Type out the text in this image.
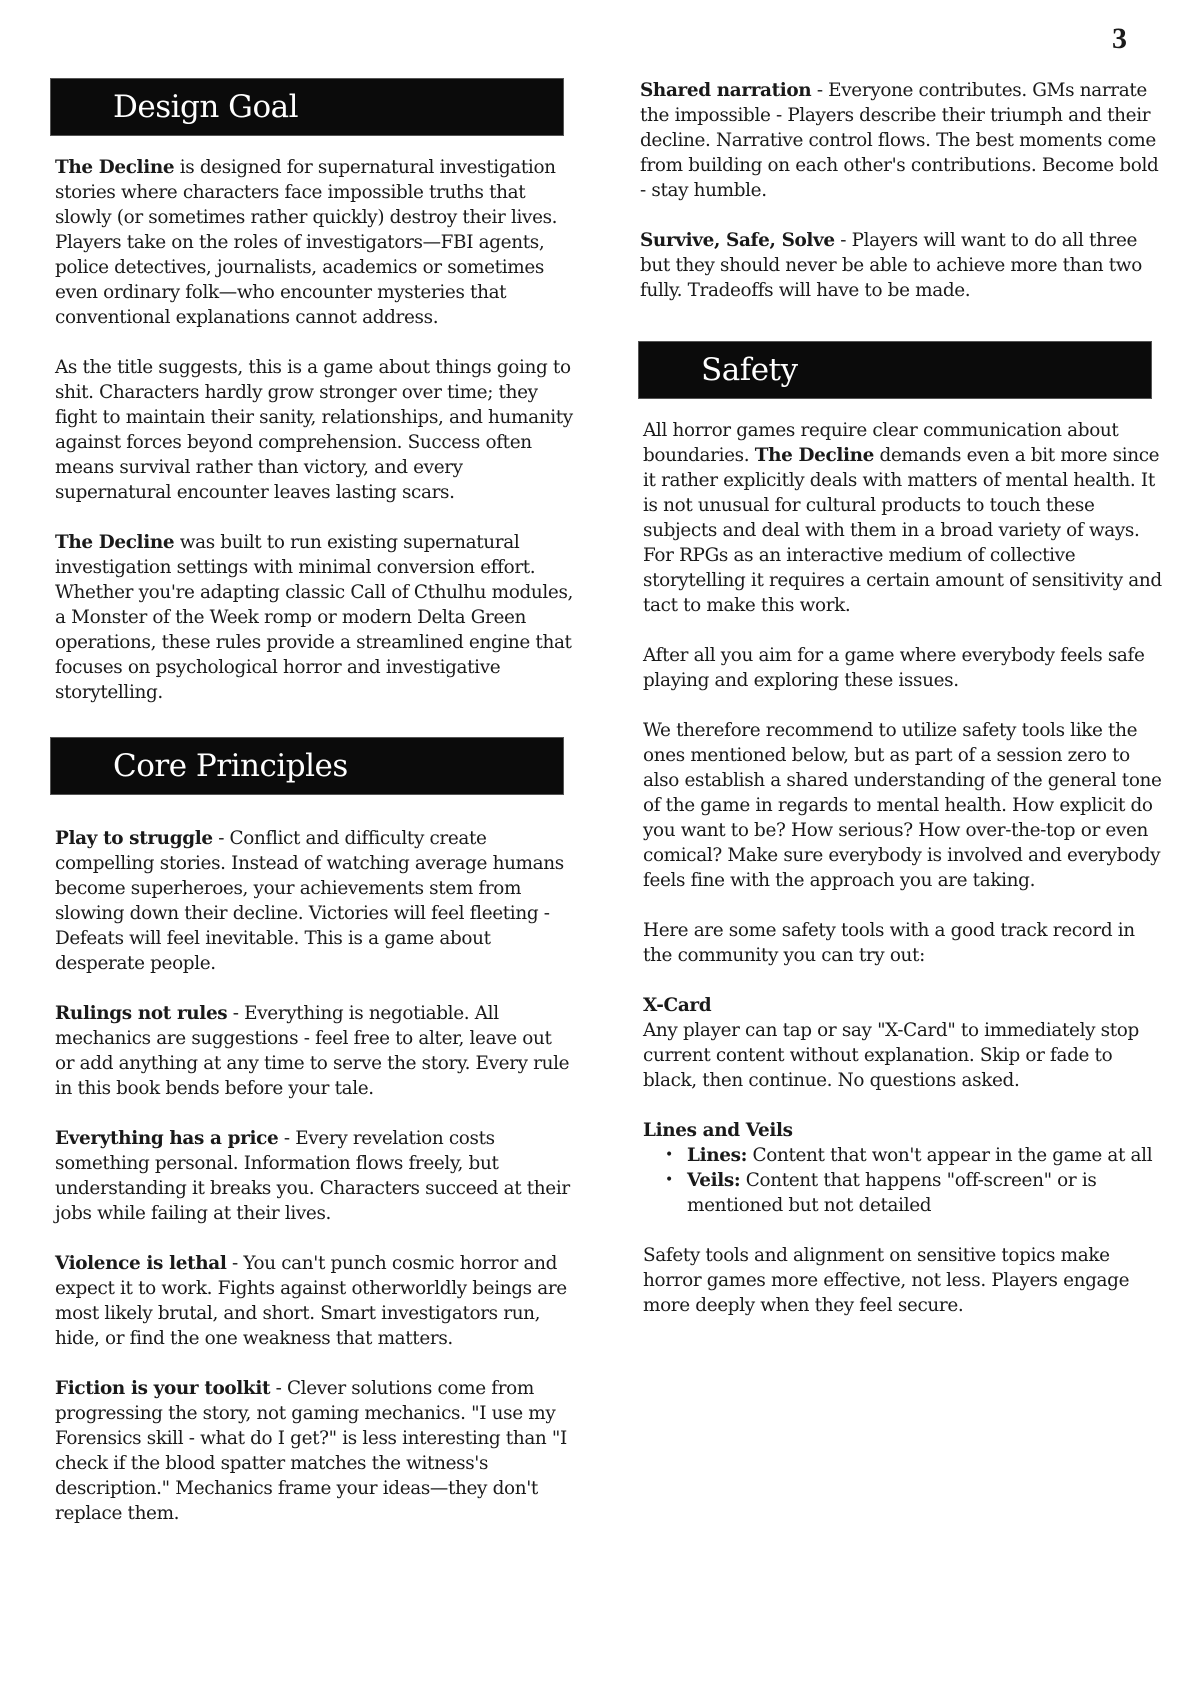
3
Design Goal

The Decline is designed for supernatural investigation stories where characters face impossible truths that slowly (or sometimes rather quickly) destroy their lives. Players take on the roles of investigators—FBI agents, police detectives, journalists, academics or sometimes even ordinary folk—who encounter mysteries that conventional explanations cannot address.

As the title suggests, this is a game about things going to shit. Characters hardly grow stronger over time; they fight to maintain their sanity, relationships, and humanity against forces beyond comprehension. Success often means survival rather than victory, and every supernatural encounter leaves lasting scars.

The Decline was built to run existing supernatural investigation settings with minimal conversion effort. Whether you're adapting classic Call of Cthulhu modules, a Monster of the Week romp or modern Delta Green operations, these rules provide a streamlined engine that focuses on psychological horror and investigative storytelling.

Core Principles

Play to struggle - Conflict and difficulty create compelling stories. Instead of watching average humans become superheroes, your achievements stem from slowing down their decline. Victories will feel fleeting - Defeats will feel inevitable. This is a game about desperate people.

Rulings not rules - Everything is negotiable. All mechanics are suggestions - feel free to alter, leave out or add anything at any time to serve the story. Every rule in this book bends before your tale.

Everything has a price - Every revelation costs something personal. Information flows freely, but understanding it breaks you. Characters succeed at their jobs while failing at their lives.

Violence is lethal - You can't punch cosmic horror and expect it to work. Fights against otherworldly beings are most likely brutal, and short. Smart investigators run, hide, or find the one weakness that matters.

Fiction is your toolkit - Clever solutions come from progressing the story, not gaming mechanics. "I use my Forensics skill - what do I get?" is less interesting than "I check if the blood spatter matches the witness's description." Mechanics frame your ideas—they don't replace them.

Shared narration - Everyone contributes. GMs narrate the impossible - Players describe their triumph and their decline. Narrative control flows. The best moments come from building on each other's contributions. Become bold - stay humble.

Survive, Safe, Solve - Players will want to do all three but they should never be able to achieve more than two fully. Tradeoffs will have to be made.

Safety

All horror games require clear communication about boundaries. The Decline demands even a bit more since it rather explicitly deals with matters of mental health. It is not unusual for cultural products to touch these subjects and deal with them in a broad variety of ways. For RPGs as an interactive medium of collective storytelling it requires a certain amount of sensitivity and tact to make this work.

After all you aim for a game where everybody feels safe playing and exploring these issues.

We therefore recommend to utilize safety tools like the ones mentioned below, but as part of a session zero to also establish a shared understanding of the general tone of the game in regards to mental health. How explicit do you want to be? How serious? How over-the-top or even comical? Make sure everybody is involved and everybody feels fine with the approach you are taking.

Here are some safety tools with a good track record in the community you can try out:

X-Card

Any player can tap or say "X-Card" to immediately stop current content without explanation. Skip or fade to black, then continue. No questions asked.

Lines and Veils

• Lines: Content that won't appear in the game at all
• Veils: Content that happens "off-screen" or is mentioned but not detailed

Safety tools and alignment on sensitive topics make horror games more effective, not less. Players engage more deeply when they feel secure.
